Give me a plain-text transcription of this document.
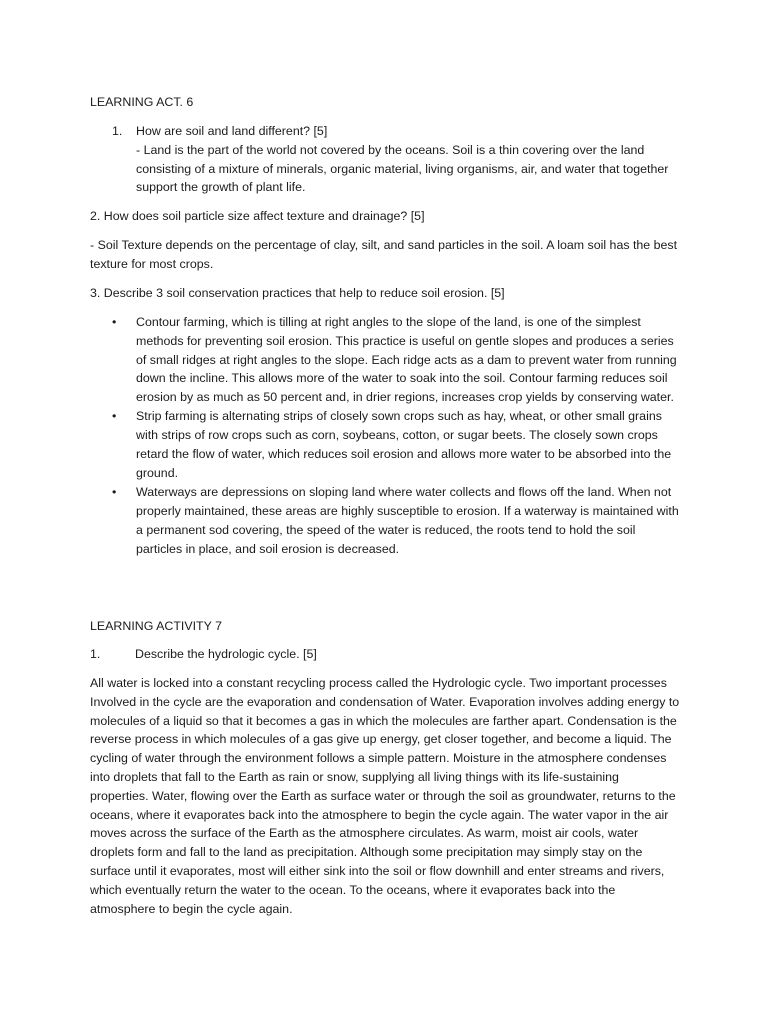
LEARNING ACT. 6

1. How are soil and land different? [5]
- Land is the part of the world not covered by the oceans. Soil is a thin covering over the land consisting of a mixture of minerals, organic material, living organisms, air, and water that together support the growth of plant life.

2. How does soil particle size affect texture and drainage? [5]

- Soil Texture depends on the percentage of clay, silt, and sand particles in the soil. A loam soil has the best texture for most crops.

3. Describe 3 soil conservation practices that help to reduce soil erosion. [5]

• Contour farming, which is tilling at right angles to the slope of the land, is one of the simplest methods for preventing soil erosion. This practice is useful on gentle slopes and produces a series of small ridges at right angles to the slope. Each ridge acts as a dam to prevent water from running down the incline. This allows more of the water to soak into the soil. Contour farming reduces soil erosion by as much as 50 percent and, in drier regions, increases crop yields by conserving water.
• Strip farming is alternating strips of closely sown crops such as hay, wheat, or other small grains with strips of row crops such as corn, soybeans, cotton, or sugar beets. The closely sown crops retard the flow of water, which reduces soil erosion and allows more water to be absorbed into the ground.
• Waterways are depressions on sloping land where water collects and flows off the land. When not properly maintained, these areas are highly susceptible to erosion. If a waterway is maintained with a permanent sod covering, the speed of the water is reduced, the roots tend to hold the soil particles in place, and soil erosion is decreased.

LEARNING ACTIVITY 7

1.	Describe the hydrologic cycle. [5]

All water is locked into a constant recycling process called the Hydrologic cycle. Two important processes Involved in the cycle are the evaporation and condensation of Water. Evaporation involves adding energy to molecules of a liquid so that it becomes a gas in which the molecules are farther apart. Condensation is the reverse process in which molecules of a gas give up energy, get closer together, and become a liquid. The cycling of water through the environment follows a simple pattern. Moisture in the atmosphere condenses into droplets that fall to the Earth as rain or snow, supplying all living things with its life-sustaining properties. Water, flowing over the Earth as surface water or through the soil as groundwater, returns to the oceans, where it evaporates back into the atmosphere to begin the cycle again. The water vapor in the air moves across the surface of the Earth as the atmosphere circulates. As warm, moist air cools, water droplets form and fall to the land as precipitation. Although some precipitation may simply stay on the surface until it evaporates, most will either sink into the soil or flow downhill and enter streams and rivers, which eventually return the water to the ocean. To the oceans, where it evaporates back into the atmosphere to begin the cycle again.
